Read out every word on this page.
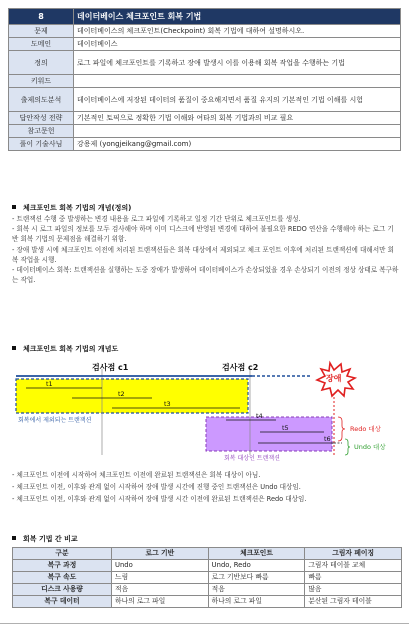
8	데이터베이스 체크포인트 회복 기법
문제	데이터베이스의 체크포인트(Checkpoint) 회복 기법에 대하여 설명하시오.
도메인	데이터베이스
정의	로그 파일에 체크포인트를 기록하고 장애 발생시 이를 이용해 회복 작업을 수행하는 기법
키워드	
출제의도분석	데이터베이스에 저장된 데이터의 품질이 중요해지면서 품질 유지의 기본적인 기법 이해를 시험
답안작성 전략	기본적인 토픽으로 정확한 기법 이해와 여타의 회복 기법과의 비교 필요
참고문헌	
풀이 기술사님	강용제 (yongjeikang@gmail.com)
체크포인트 회복 기법의 개념(정의)
- 트랜잭션 수행 중 발생하는 변경 내용을 로그 파일에 기록하고 일정 기간 단위로 체크포인트를 생성.
- 회복 시 로그 파일의 정보를 모두 검사해야 하며 이미 디스크에 반영된 변경에 대하여 불필요한 REDO 연산을 수행해야 하는 로그 기반 회복 기법의 문제점을 해결하기 위함.
- 장애 발생 시에 체크포인트 이전에 처리된 트랜잭션들은 회복 대상에서 제외되고 체크 포인트 이후에 처리된 트랜잭션에 대해서만 회복 작업을 시행.
- 데이터베이스 회복: 트랜잭션을 실행하는 도중 장애가 발생하여 데이터베이스가 손상되었을 경우 손상되기 이전의 정상 상태로 복구하는 작업.
체크포인트 회복 기법의 개념도
검사점 c1	검사점 c2
장애
t1
t2
t3
t4
t5
t6
Redo 대상
Undo 대상
회복에서 제외되는 트랜잭션
회복 대상인 트랜잭션
- 체크포인트 이전에 시작하여 체크포인트 이전에 완료된 트랜잭션은 회복 대상이 아님.
- 체크포인트 이전, 이후와 관계 없이 시작하여 장애 발생 시간에 진행 중인 트랜잭션은 Undo 대상임.
- 체크포인트 이전, 이후와 관계 없이 시작하여 장애 발생 시간 이전에 완료된 트랜잭션은 Redo 대상임.
회복 기법 간 비교
구분	로그 기반	체크포인트	그림자 페이징
복구 과정	Undo	Undo, Redo	그림자 테이블 교체
복구 속도	느림	로그 기반보다 빠름	빠름
디스크 사용량	적음	적음	많음
복구 데이터	하나의 로그 파일	하나의 로그 파일	분산된 그림자 테이블
